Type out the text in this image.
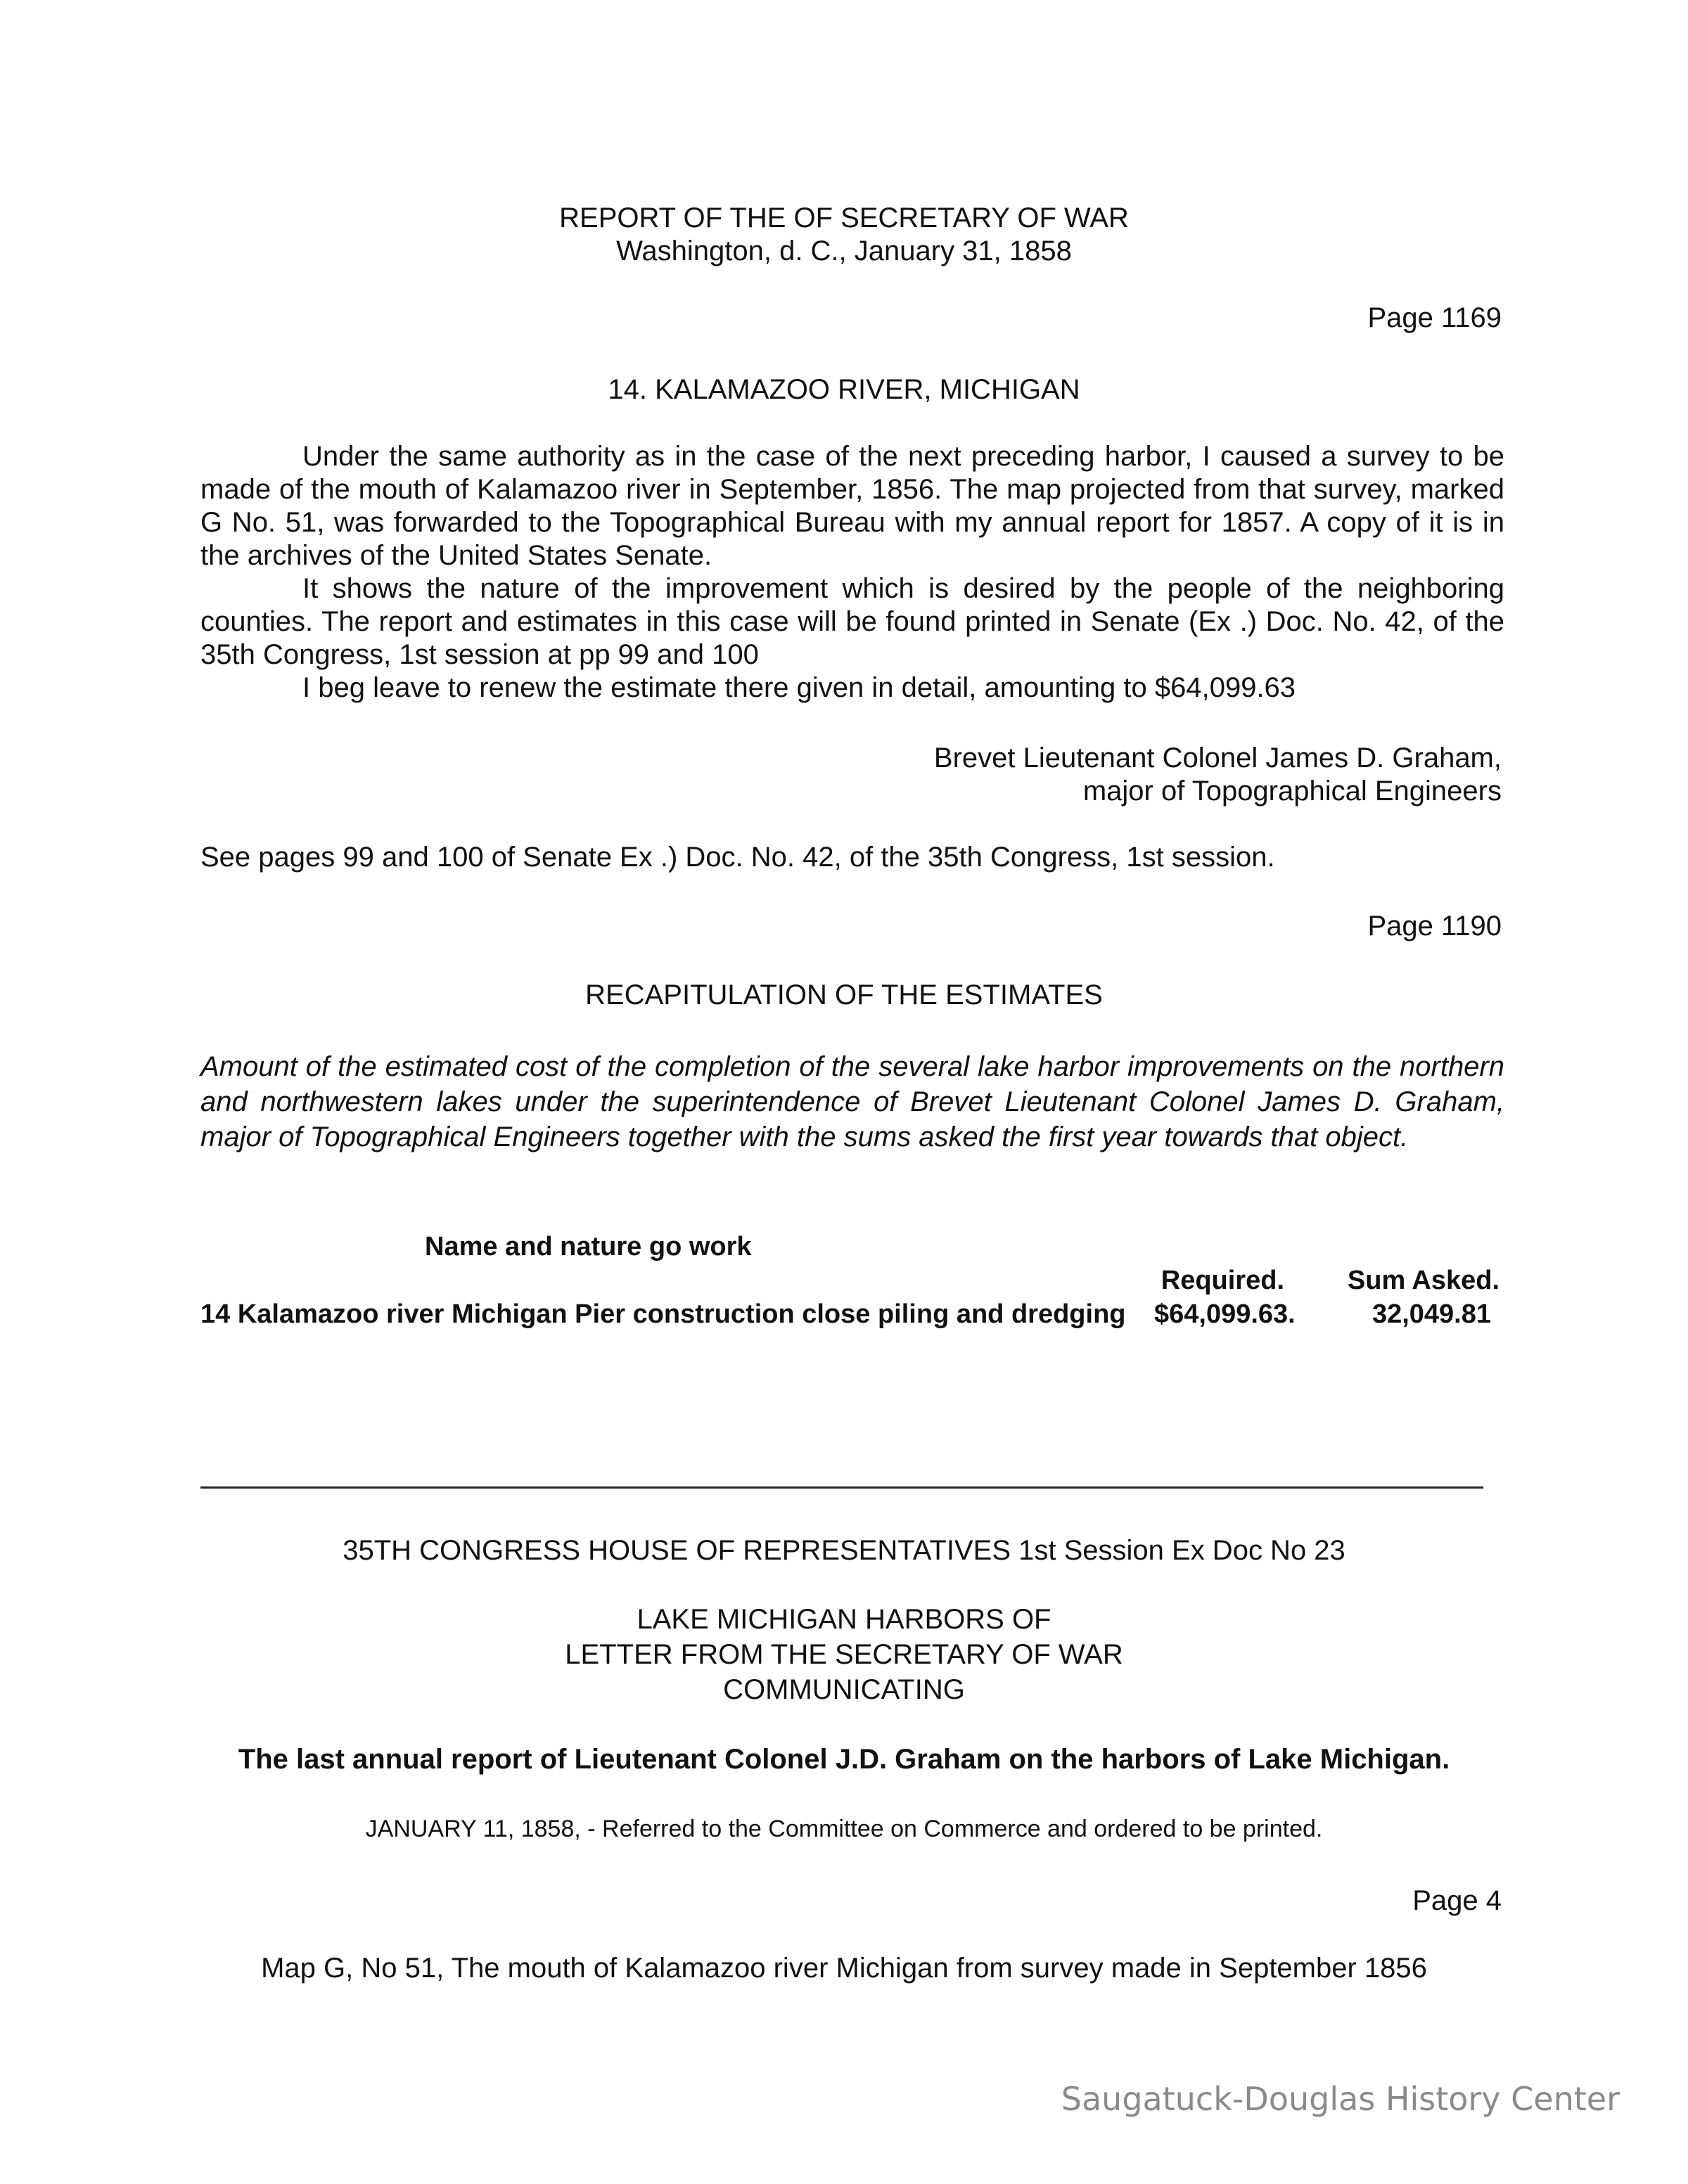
REPORT OF THE OF SECRETARY OF WAR
Washington, d. C., January 31, 1858
Page 1169
14. KALAMAZOO RIVER, MICHIGAN

Under the same authority as in the case of the next preceding harbor, I caused a survey to be made of the mouth of Kalamazoo river in September, 1856. The map projected from that survey, marked G No. 51, was forwarded to the Topographical Bureau with my annual report for 1857. A copy of it is in the archives of the United States Senate.

It shows the nature of the improvement which is desired by the people of the neighboring counties. The report and estimates in this case will be found printed in Senate (Ex .) Doc. No. 42, of the 35th Congress, 1st session at pp 99 and 100

I beg leave to renew the estimate there given in detail, amounting to $64,099.63

Brevet Lieutenant Colonel James D. Graham,
major of Topographical Engineers
See pages 99 and 100 of Senate Ex .) Doc. No. 42, of the 35th Congress, 1st session.
Page 1190
RECAPITULATION OF THE ESTIMATES
Amount of the estimated cost of the completion of the several lake harbor improvements on the northern and northwestern lakes under the superintendence of Brevet Lieutenant Colonel James D. Graham, major of Topographical Engineers together with the sums asked the first year towards that object.
Name and nature go work
Required.	Sum Asked.
14 Kalamazoo river Michigan Pier construction close piling and dredging $64,099.63.	32,049.81
35TH CONGRESS HOUSE OF REPRESENTATIVES 1st Session Ex Doc No 23
LAKE MICHIGAN HARBORS OF
LETTER FROM THE SECRETARY OF WAR
COMMUNICATING
The last annual report of Lieutenant Colonel J.D. Graham on the harbors of Lake Michigan.
JANUARY 11, 1858, - Referred to the Committee on Commerce and ordered to be printed.
Page 4
Map G, No 51, The mouth of Kalamazoo river Michigan from survey made in September 1856
Saugatuck-Douglas History Center
